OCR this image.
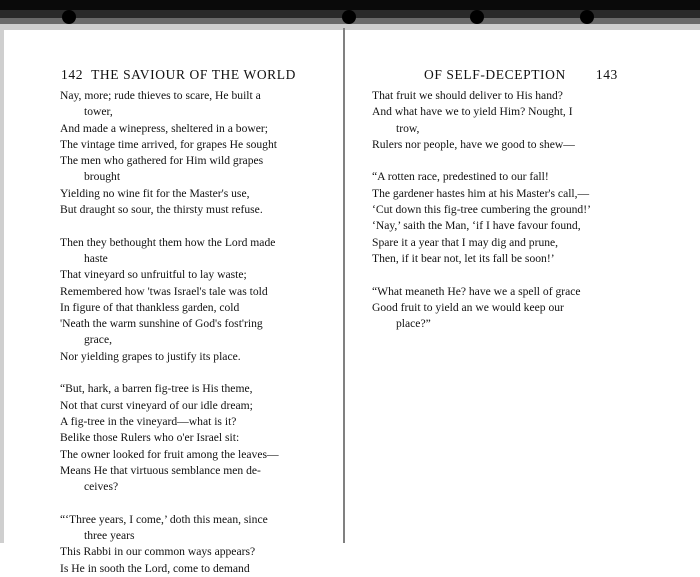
142 THE SAVIOUR OF THE WORLD
Nay, more; rude thieves to scare, He built a
tower,
And made a winepress, sheltered in a bower;
The vintage time arrived, for grapes He sought
The men who gathered for Him wild grapes
brought
Yielding no wine fit for the Master's use,
But draught so sour, the thirsty must refuse.
Then they bethought them how the Lord made
haste
That vineyard so unfruitful to lay waste;
Remembered how 'twas Israel's tale was told
In figure of that thankless garden, cold
'Neath the warm sunshine of God's fost'ring
grace,
Nor yielding grapes to justify its place.
“But, hark, a barren fig-tree is His theme,
Not that curst vineyard of our idle dream;
A fig-tree in the vineyard—what is it?
Belike those Rulers who o'er Israel sit:
The owner looked for fruit among the leaves—
Means He that virtuous semblance men de-
ceives?
“‘Three years, I come,’ doth this mean, since
three years
This Rabbi in our common ways appears?
Is He in sooth the Lord, come to demand
OF SELF-DECEPTION 143
That fruit we should deliver to His hand?
And what have we to yield Him? Nought, I
trow,
Rulers nor people, have we good to shew—
“A rotten race, predestined to our fall!
The gardener hastes him at his Master's call,—
‘Cut down this fig-tree cumbering the ground!’
‘Nay,’ saith the Man, ‘if I have favour found,
Spare it a year that I may dig and prune,
Then, if it bear not, let its fall be soon!’
“What meaneth He? have we a spell of grace
Good fruit to yield an we would keep our
place?”
